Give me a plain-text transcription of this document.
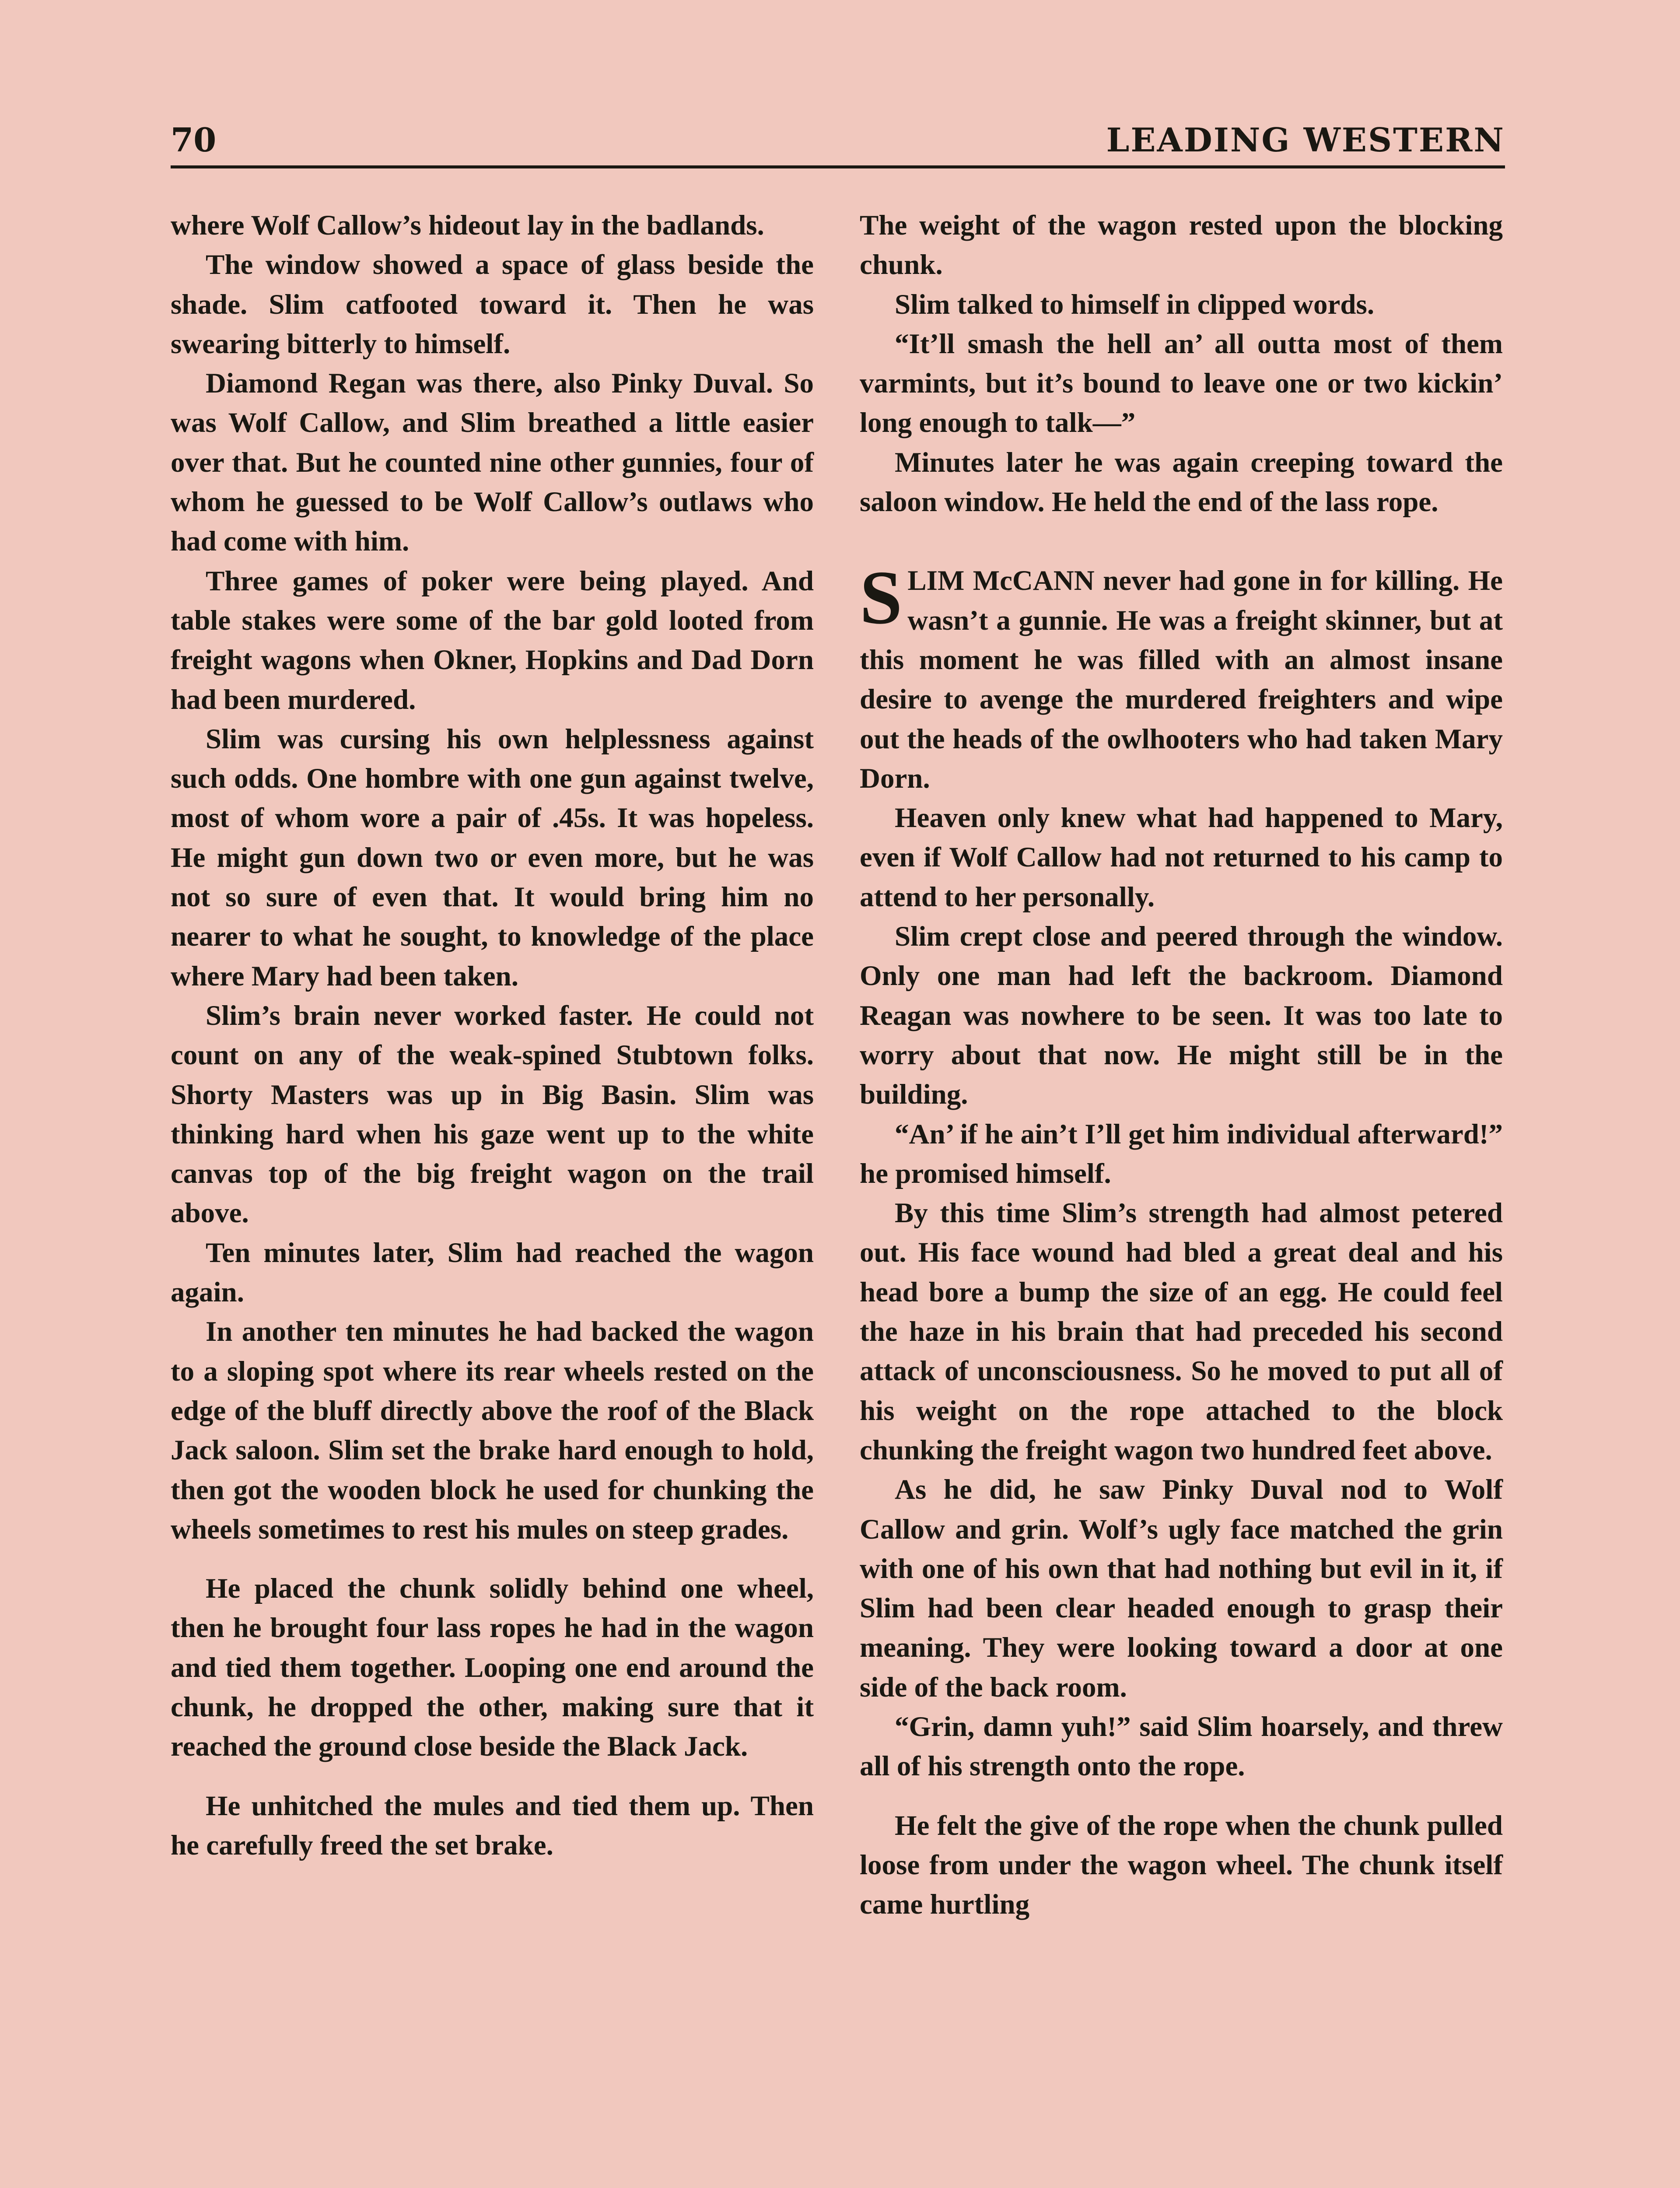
70	LEADING WESTERN

where Wolf Callow’s hideout lay in the badlands.

The window showed a space of glass beside the shade. Slim catfooted toward it. Then he was swearing bitterly to himself.

Diamond Regan was there, also Pinky Duval. So was Wolf Callow, and Slim breathed a little easier over that. But he counted nine other gunnies, four of whom he guessed to be Wolf Callow’s outlaws who had come with him.

Three games of poker were being played. And table stakes were some of the bar gold looted from freight wagons when Okner, Hopkins and Dad Dorn had been murdered.

Slim was cursing his own helplessness against such odds. One hombre with one gun against twelve, most of whom wore a pair of .45s. It was hopeless. He might gun down two or even more, but he was not so sure of even that. It would bring him no nearer to what he sought, to knowledge of the place where Mary had been taken.

Slim’s brain never worked faster. He could not count on any of the weak-spined Stubtown folks. Shorty Masters was up in Big Basin. Slim was thinking hard when his gaze went up to the white canvas top of the big freight wagon on the trail above.

Ten minutes later, Slim had reached the wagon again.

In another ten minutes he had backed the wagon to a sloping spot where its rear wheels rested on the edge of the bluff directly above the roof of the Black Jack saloon. Slim set the brake hard enough to hold, then got the wooden block he used for chunking the wheels sometimes to rest his mules on steep grades.

He placed the chunk solidly behind one wheel, then he brought four lass ropes he had in the wagon and tied them together. Looping one end around the chunk, he dropped the other, making sure that it reached the ground close beside the Black Jack.

He unhitched the mules and tied them up. Then he carefully freed the set brake.

The weight of the wagon rested upon the blocking chunk.

Slim talked to himself in clipped words.

“It’ll smash the hell an’ all outta most of them varmints, but it’s bound to leave one or two kickin’ long enough to talk—”

Minutes later he was again creeping toward the saloon window. He held the end of the lass rope.

SLIM McCANN never had gone in for killing. He wasn’t a gunnie. He was a freight skinner, but at this moment he was filled with an almost insane desire to avenge the murdered freighters and wipe out the heads of the owlhooters who had taken Mary Dorn.

Heaven only knew what had happened to Mary, even if Wolf Callow had not returned to his camp to attend to her personally.

Slim crept close and peered through the window. Only one man had left the backroom. Diamond Reagan was nowhere to be seen. It was too late to worry about that now. He might still be in the building.

“An’ if he ain’t I’ll get him individual afterward!” he promised himself.

By this time Slim’s strength had almost petered out. His face wound had bled a great deal and his head bore a bump the size of an egg. He could feel the haze in his brain that had preceded his second attack of unconsciousness. So he moved to put all of his weight on the rope attached to the block chunking the freight wagon two hundred feet above.

As he did, he saw Pinky Duval nod to Wolf Callow and grin. Wolf’s ugly face matched the grin with one of his own that had nothing but evil in it, if Slim had been clear headed enough to grasp their meaning. They were looking toward a door at one side of the back room.

“Grin, damn yuh!” said Slim hoarsely, and threw all of his strength onto the rope.

He felt the give of the rope when the chunk pulled loose from under the wagon wheel. The chunk itself came hurtling
